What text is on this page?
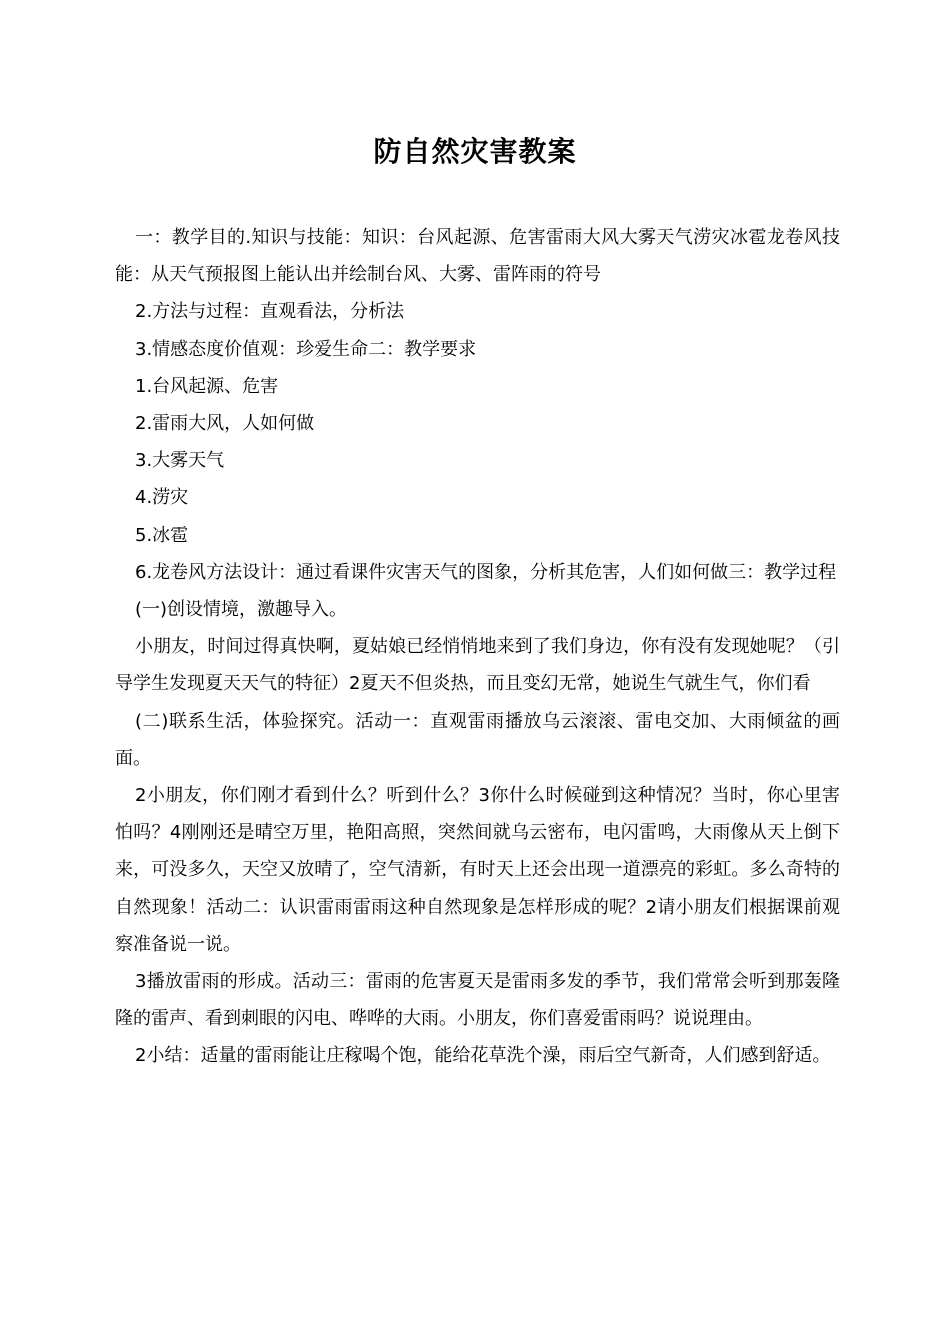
防自然灾害教案

一：教学目的.知识与技能：知识：台风起源、危害雷雨大风大雾天气涝灾冰雹龙卷风技能：从天气预报图上能认出并绘制台风、大雾、雷阵雨的符号

2.方法与过程：直观看法，分析法

3.情感态度价值观：珍爱生命二：教学要求

1.台风起源、危害

2.雷雨大风，人如何做

3.大雾天气

4.涝灾

5.冰雹

6.龙卷风方法设计：通过看课件灾害天气的图象，分析其危害，人们如何做三：教学过程

(一)创设情境，激趣导入。

小朋友，时间过得真快啊，夏姑娘已经悄悄地来到了我们身边，你有没有发现她呢？（引导学生发现夏天天气的特征）2夏天不但炎热，而且变幻无常，她说生气就生气，你们看

(二)联系生活，体验探究。活动一：直观雷雨播放乌云滚滚、雷电交加、大雨倾盆的画面。

2小朋友，你们刚才看到什么？听到什么？3你什么时候碰到这种情况？当时，你心里害怕吗？4刚刚还是晴空万里，艳阳高照，突然间就乌云密布，电闪雷鸣，大雨像从天上倒下来，可没多久，天空又放晴了，空气清新，有时天上还会出现一道漂亮的彩虹。多么奇特的自然现象！活动二：认识雷雨雷雨这种自然现象是怎样形成的呢？2请小朋友们根据课前观察准备说一说。

3播放雷雨的形成。活动三：雷雨的危害夏天是雷雨多发的季节，我们常常会听到那轰隆隆的雷声、看到刺眼的闪电、哗哗的大雨。小朋友，你们喜爱雷雨吗？说说理由。

2小结：适量的雷雨能让庄稼喝个饱，能给花草洗个澡，雨后空气新奇，人们感到舒适。
